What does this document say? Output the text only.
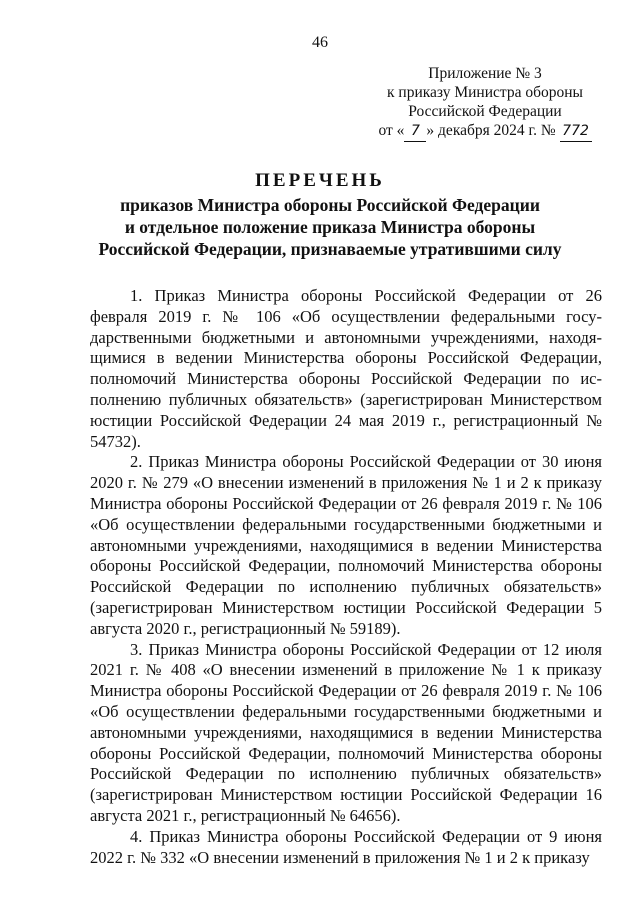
46
Приложение № 3
к приказу Министра обороны
Российской Федерации
от « 7 » декабря 2024 г. № 772
ПЕРЕЧЕНЬ
приказов Министра обороны Российской Федерации
и отдельное положение приказа Министра обороны
Российской Федерации, признаваемые утратившими силу

1. Приказ Министра обороны Российской Федерации от 26 февраля 2019 г. № 106 «Об осуществлении федеральными государственными бюджетными и автономными учреждениями, находящимися в ведении Министерства обороны Российской Федерации, полномочий Министерства обороны Российской Федерации по исполнению публичных обязательств» (зарегистрирован Министерством юстиции Российской Федерации 24 мая 2019 г., регистрационный № 54732).

2. Приказ Министра обороны Российской Федерации от 30 июня 2020 г. № 279 «О внесении изменений в приложения № 1 и 2 к приказу Министра обороны Российской Федерации от 26 февраля 2019 г. № 106 «Об осуществлении федеральными государственными бюджетными и автономными учреждениями, находящимися в ведении Министерства обороны Российской Федерации, полномочий Министерства обороны Российской Федерации по исполнению публичных обязательств» (зарегистрирован Министерством юстиции Российской Федерации 5 августа 2020 г., регистрационный № 59189).

3. Приказ Министра обороны Российской Федерации от 12 июля 2021 г. № 408 «О внесении изменений в приложение № 1 к приказу Министра обороны Российской Федерации от 26 февраля 2019 г. № 106 «Об осуществлении федеральными государственными бюджетными и автономными учреждениями, находящимися в ведении Министерства обороны Российской Федерации, полномочий Министерства обороны Российской Федерации по исполнению публичных обязательств» (зарегистрирован Министерством юстиции Российской Федерации 16 августа 2021 г., регистрационный № 64656).

4. Приказ Министра обороны Российской Федерации от 9 июня 2022 г. № 332 «О внесении изменений в приложения № 1 и 2 к приказу
